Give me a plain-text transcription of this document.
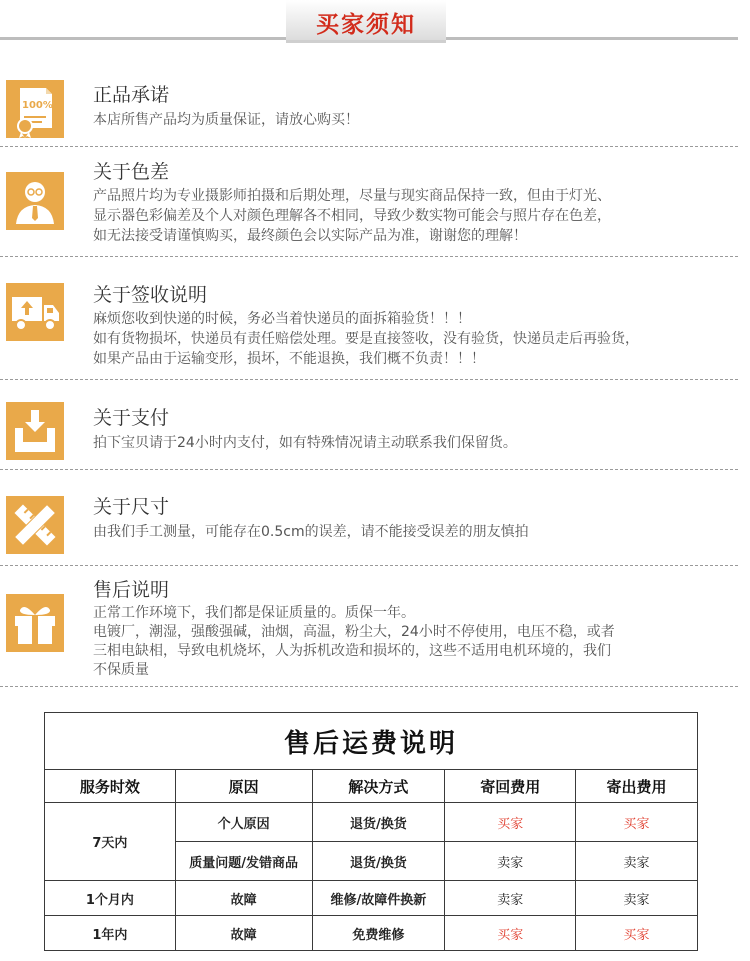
买家须知
100% 正品承诺
本店所售产品均为质量保证，请放心购买！
关于色差
产品照片均为专业摄影师拍摄和后期处理，尽量与现实商品保持一致，但由于灯光、
显示器色彩偏差及个人对颜色理解各不相同，导致少数实物可能会与照片存在色差，
如无法接受请谨慎购买，最终颜色会以实际产品为准，谢谢您的理解！
关于签收说明
麻烦您收到快递的时候，务必当着快递员的面拆箱验货！！！
如有货物损坏，快递员有责任赔偿处理。要是直接签收，没有验货，快递员走后再验货，
如果产品由于运输变形，损坏，不能退换，我们概不负责！！！
关于支付
拍下宝贝请于24小时内支付，如有特殊情况请主动联系我们保留货。
关于尺寸
由我们手工测量，可能存在0.5cm的误差，请不能接受误差的朋友慎拍
售后说明
正常工作环境下，我们都是保证质量的。质保一年。
电镀厂，潮湿，强酸强碱，油烟，高温，粉尘大，24小时不停使用，电压不稳，或者
三相电缺相，导致电机烧坏，人为拆机改造和损坏的，这些不适用电机环境的，我们
不保质量
售后运费说明				
服务时效	原因	解决方式	寄回费用	寄出费用
7天内	个人原因	退货/换货	买家	买家
	质量问题/发错商品	退货/换货	卖家	卖家
1个月内	故障	维修/故障件换新	卖家	卖家
1年内	故障	免费维修	买家	买家
